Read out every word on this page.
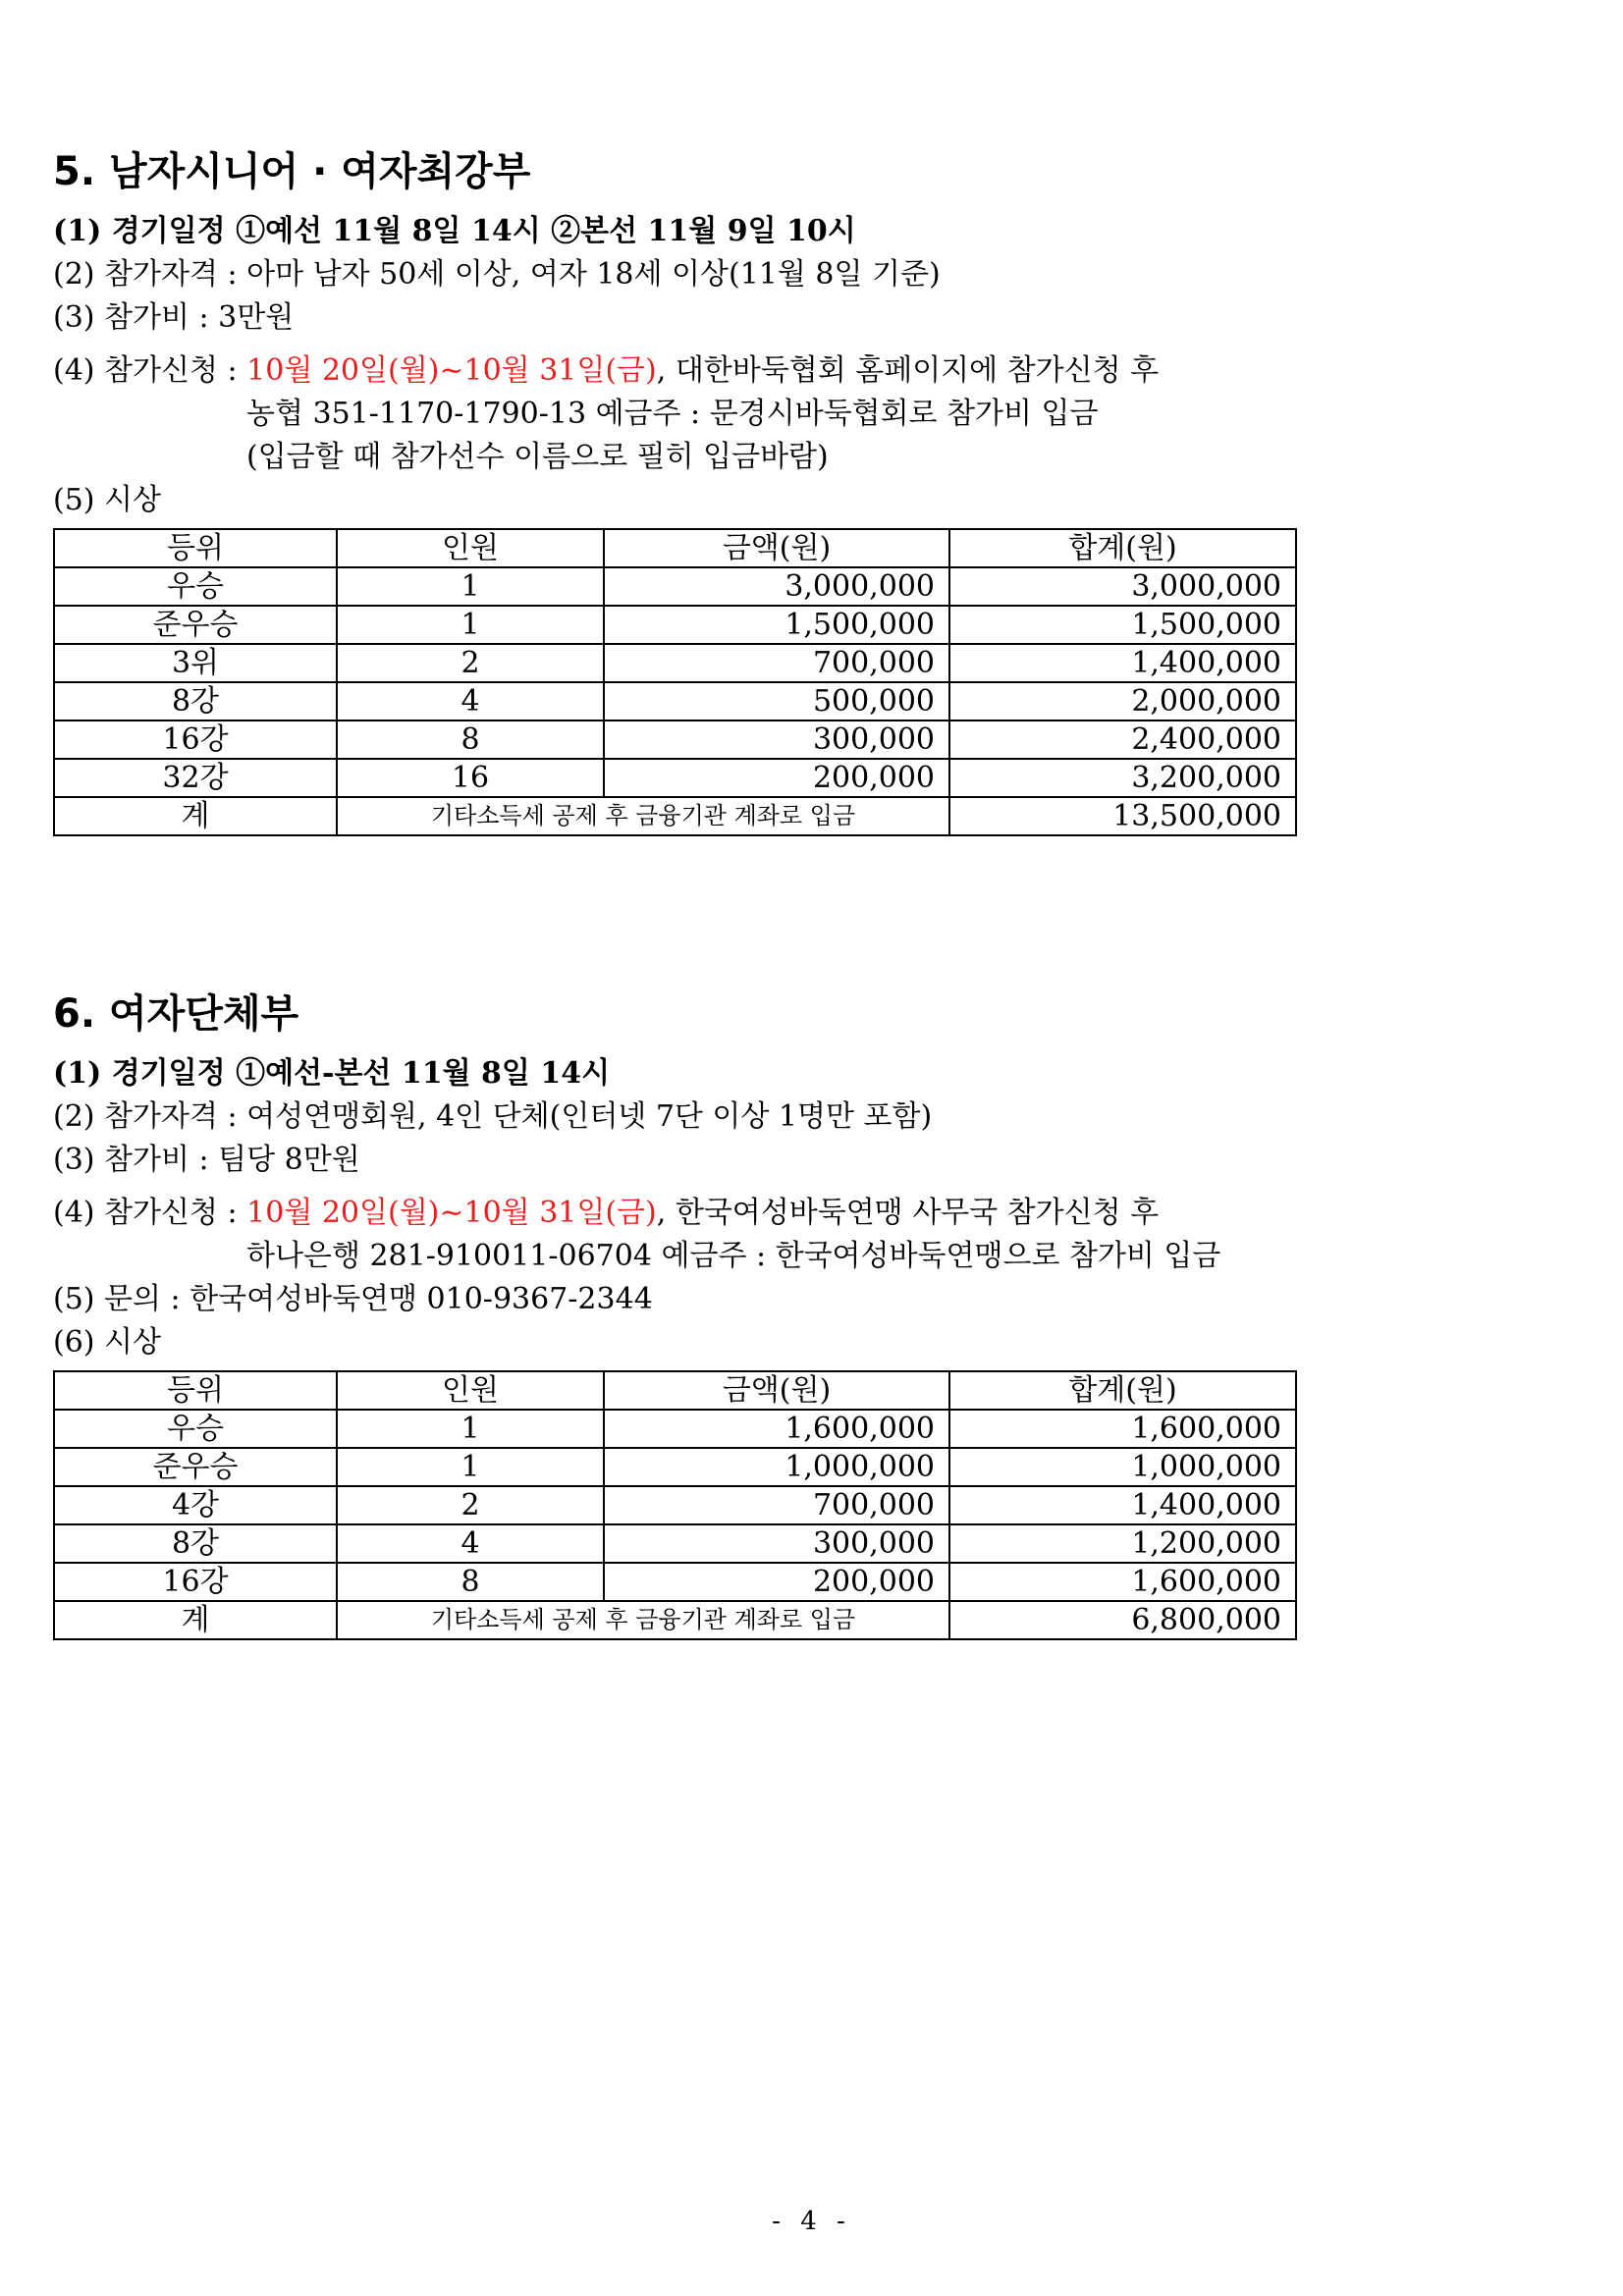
5. 남자시니어 · 여자최강부
(1) 경기일정 ①예선 11월 8일 14시 ②본선 11월 9일 10시
(2) 참가자격 : 아마 남자 50세 이상, 여자 18세 이상(11월 8일 기준)
(3) 참가비 : 3만원
(4) 참가신청 : 10월 20일(월)~10월 31일(금), 대한바둑협회 홈페이지에 참가신청 후
농협 351-1170-1790-13 예금주 : 문경시바둑협회로 참가비 입금
(입금할 때 참가선수 이름으로 필히 입금바람)
(5) 시상
등위	인원	금액(원)	합계(원)
우승	1	3,000,000	3,000,000
준우승	1	1,500,000	1,500,000
3위	2	700,000	1,400,000
8강	4	500,000	2,000,000
16강	8	300,000	2,400,000
32강	16	200,000	3,200,000
계	기타소득세 공제 후 금융기관 계좌로 입금		13,500,000
6. 여자단체부
(1) 경기일정 ①예선-본선 11월 8일 14시
(2) 참가자격 : 여성연맹회원, 4인 단체(인터넷 7단 이상 1명만 포함)
(3) 참가비 : 팀당 8만원
(4) 참가신청 : 10월 20일(월)~10월 31일(금), 한국여성바둑연맹 사무국 참가신청 후
하나은행 281-910011-06704 예금주 : 한국여성바둑연맹으로 참가비 입금
(5) 문의 : 한국여성바둑연맹 010-9367-2344
(6) 시상
등위	인원	금액(원)	합계(원)
우승	1	1,600,000	1,600,000
준우승	1	1,000,000	1,000,000
4강	2	700,000	1,400,000
8강	4	300,000	1,200,000
16강	8	200,000	1,600,000
계	기타소득세 공제 후 금융기관 계좌로 입금		6,800,000
- 4 -
